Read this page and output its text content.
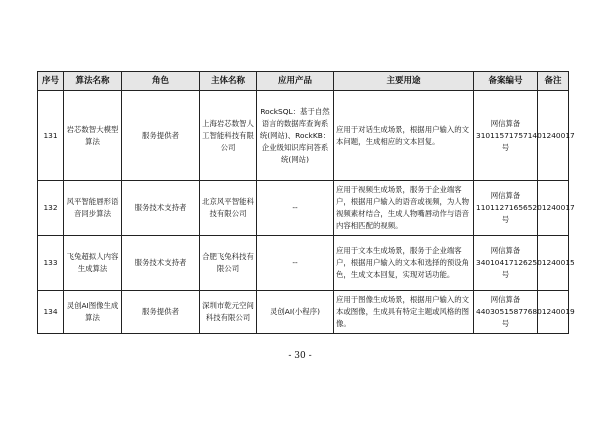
序号	算法名称	角色	主体名称	应用产品	主要用途	备案编号	备注
131	岩芯数智大模型算法	服务提供者	上海岩芯数智人工智能科技有限公司	RockSQL：基于自然语言的数据库查询系统(网站)、RockKB：企业级知识库问答系统(网站)	应用于对话生成场景，根据用户输入的文本问题，生成相应的文本回复。	网信算备310115717571401240017号	
132	风平智能唇形语音同步算法	服务技术支持者	北京风平智能科技有限公司	--	应用于视频生成场景，服务于企业端客户，根据用户输入的语音或视频，为人物视频素材结合，生成人物嘴唇动作与语音内容相匹配的视频。	网信算备110112716565201240017号	
133	飞兔超拟人内容生成算法	服务技术支持者	合肥飞兔科技有限公司	--	应用于文本生成场景，服务于企业端客户，根据用户输入的文本和选择的预设角色，生成文本回复，实现对话功能。	网信算备340104171262501240015号	
134	灵创AI图像生成算法	服务提供者	深圳市乾元空间科技有限公司	灵创AI(小程序)	应用于图像生成场景，根据用户输入的文本或图像，生成具有特定主题或风格的图像。	网信算备440305158776801240019号	
- 30 -
